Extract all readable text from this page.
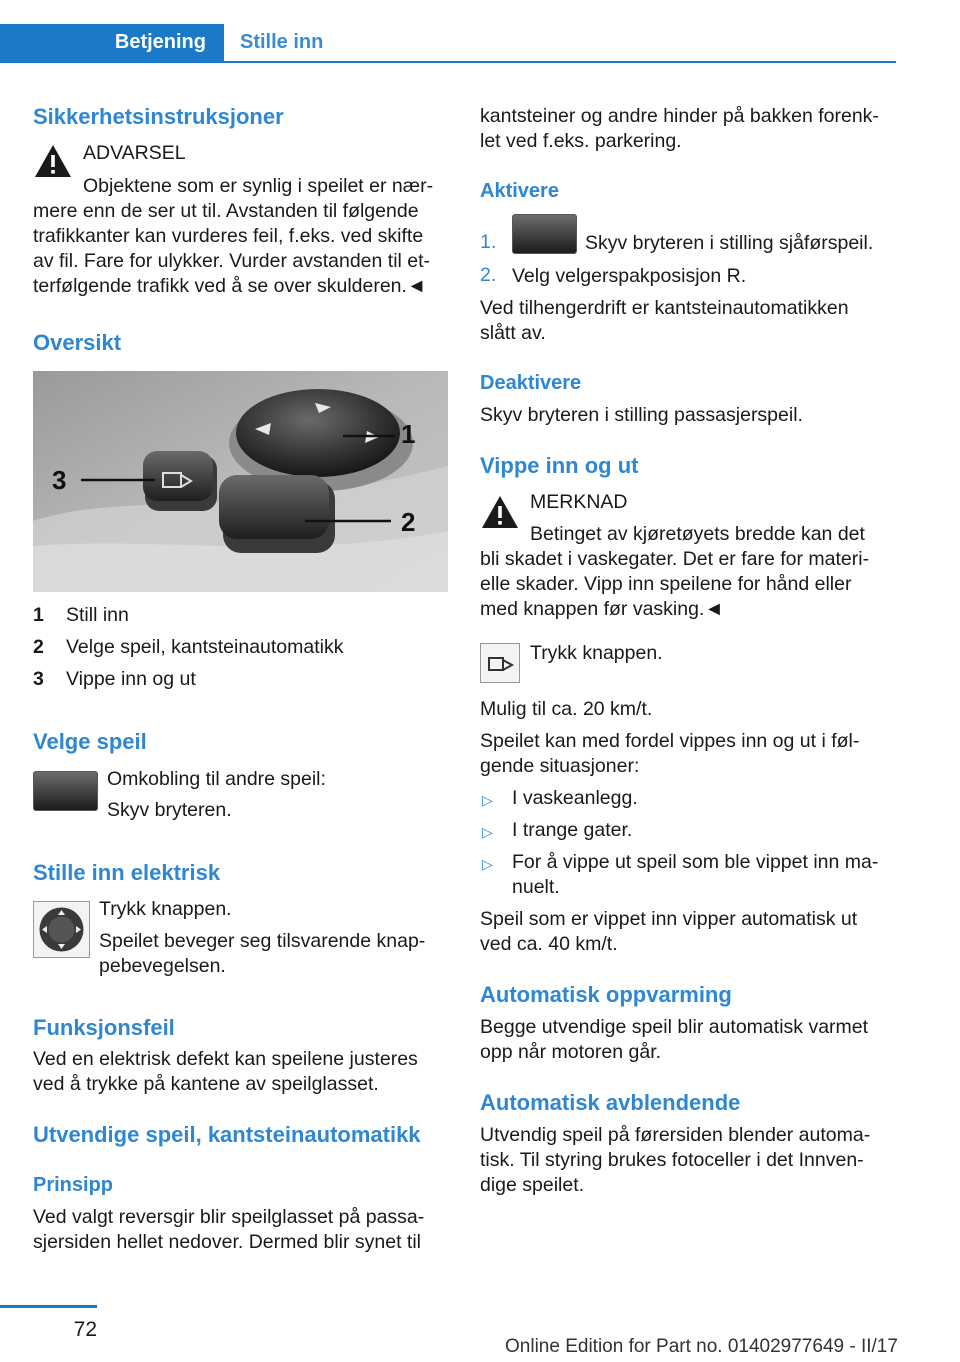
Betjening Stille inn
Sikkerhetsinstruksjoner
ADVARSEL
Objektene som er synlig i speilet er nær-
mere enn de ser ut til. Avstanden til følgende
trafikkanter kan vurderes feil, f.eks. ved skifte
av fil. Fare for ulykker. Vurder avstanden til et-
terfølgende trafikk ved å se over skulderen.◄
Oversikt
3
1
2
1 Still inn
2 Velge speil, kantsteinautomatikk
3 Vippe inn og ut
Velge speil
Omkobling til andre speil:
Skyv bryteren.
Stille inn elektrisk
Trykk knappen.
Speilet beveger seg tilsvarende knap-
pebevegelsen.
Funksjonsfeil
Ved en elektrisk defekt kan speilene justeres
ved å trykke på kantene av speilglasset.
Utvendige speil, kantsteinautomatikk
Prinsipp
Ved valgt reversgir blir speilglasset på passa-
sjersiden hellet nedover. Dermed blir synet til
kantsteiner og andre hinder på bakken forenk-
let ved f.eks. parkering.
Aktivere
1.	Skyv bryteren i stilling sjåførspeil.
2. Velg velgerspakposisjon R.
Ved tilhengerdrift er kantsteinautomatikken
slått av.
Deaktivere
Skyv bryteren i stilling passasjerspeil.
Vippe inn og ut
MERKNAD
Betinget av kjøretøyets bredde kan det
bli skadet i vaskegater. Det er fare for materi-
elle skader. Vipp inn speilene for hånd eller
med knappen før vasking.◄
Trykk knappen.
Mulig til ca. 20 km/t.
Speilet kan med fordel vippes inn og ut i føl-
gende situasjoner:
▷ I vaskeanlegg.
▷ I trange gater.
▷ For å vippe ut speil som ble vippet inn ma-
nuelt.
Speil som er vippet inn vipper automatisk ut
ved ca. 40 km/t.
Automatisk oppvarming
Begge utvendige speil blir automatisk varmet
opp når motoren går.
Automatisk avblendende
Utvendig speil på førersiden blender automa-
tisk. Til styring brukes fotoceller i det Innven-
dige speilet.
72
Online Edition for Part no. 01402977649 - II/17
